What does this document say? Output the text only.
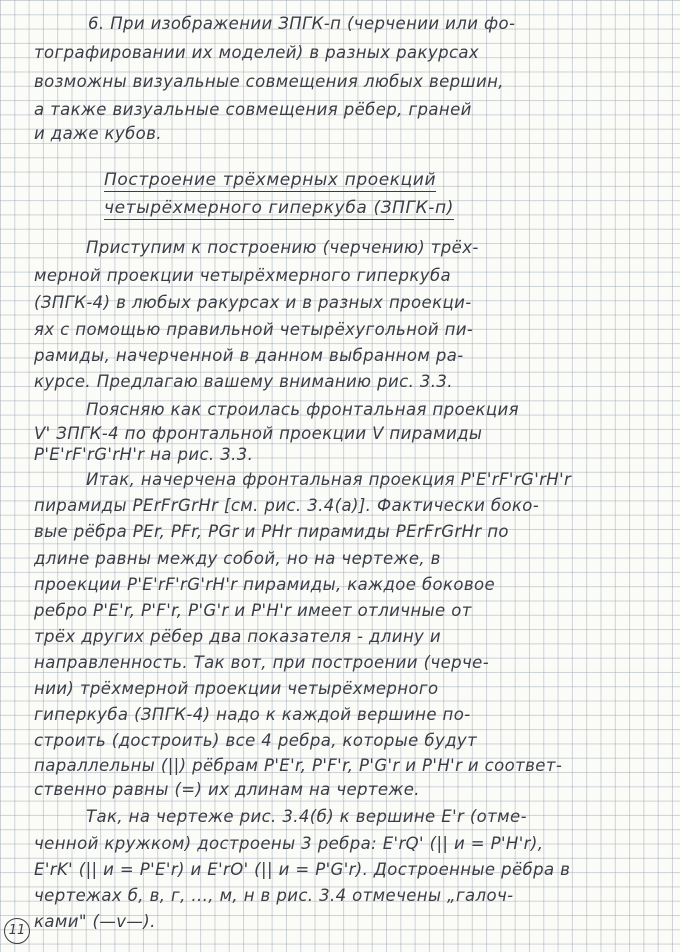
6. При изображении ЗПГК-п (черчении или фо-
тографировании их моделей) в разных ракурсах
возможны визуальные совмещения любых вершин,
а также визуальные совмещения рёбер, граней
и даже кубов.
Построение трёхмерных проекций
четырёхмерного гиперкуба (ЗПГК-п)
Приступим к построению (черчению) трёх-
мерной проекции четырёхмерного гиперкуба
(ЗПГК-4) в любых ракурсах и в разных проекци-
ях с помощью правильной четырёхугольной пи-
рамиды, начерченной в данном выбранном ра-
курсе. Предлагаю вашему вниманию рис. 3.3.
Поясняю как строилась фронтальная проекция
V' ЗПГК-4 по фронтальной проекции V пирамиды
P'E'rF'rG'rH'r на рис. 3.3.
Итак, начерчена фронтальная проекция P'E'rF'rG'rH'r
пирамиды PErFrGrHr [см. рис. 3.4(а)]. Фактически боко-
вые рёбра PEr, PFr, PGr и PHr пирамиды PErFrGrHr по
длине равны между собой, но на чертеже, в
проекции P'E'rF'rG'rH'r пирамиды, каждое боковое
ребро P'E'r, P'F'r, P'G'r и P'H'r имеет отличные от
трёх других рёбер два показателя - длину и
направленность. Так вот, при построении (черче-
нии) трёхмерной проекции четырёхмерного
гиперкуба (ЗПГК-4) надо к каждой вершине по-
строить (достроить) все 4 ребра, которые будут
параллельны (||) рёбрам P'E'r, P'F'r, P'G'r и P'H'r и соответ-
ственно равны (=) их длинам на чертеже.
Так, на чертеже рис. 3.4(б) к вершине E'r (отме-
ченной кружком) достроены 3 ребра: E'rQ' (|| и = P'H'r),
E'rK' (|| и = P'E'r) и E'rO' (|| и = P'G'r). Достроенные рёбра в
чертежах б, в, г, ..., м, н в рис. 3.4 отмечены „галоч-
ками" (—v—).
11
